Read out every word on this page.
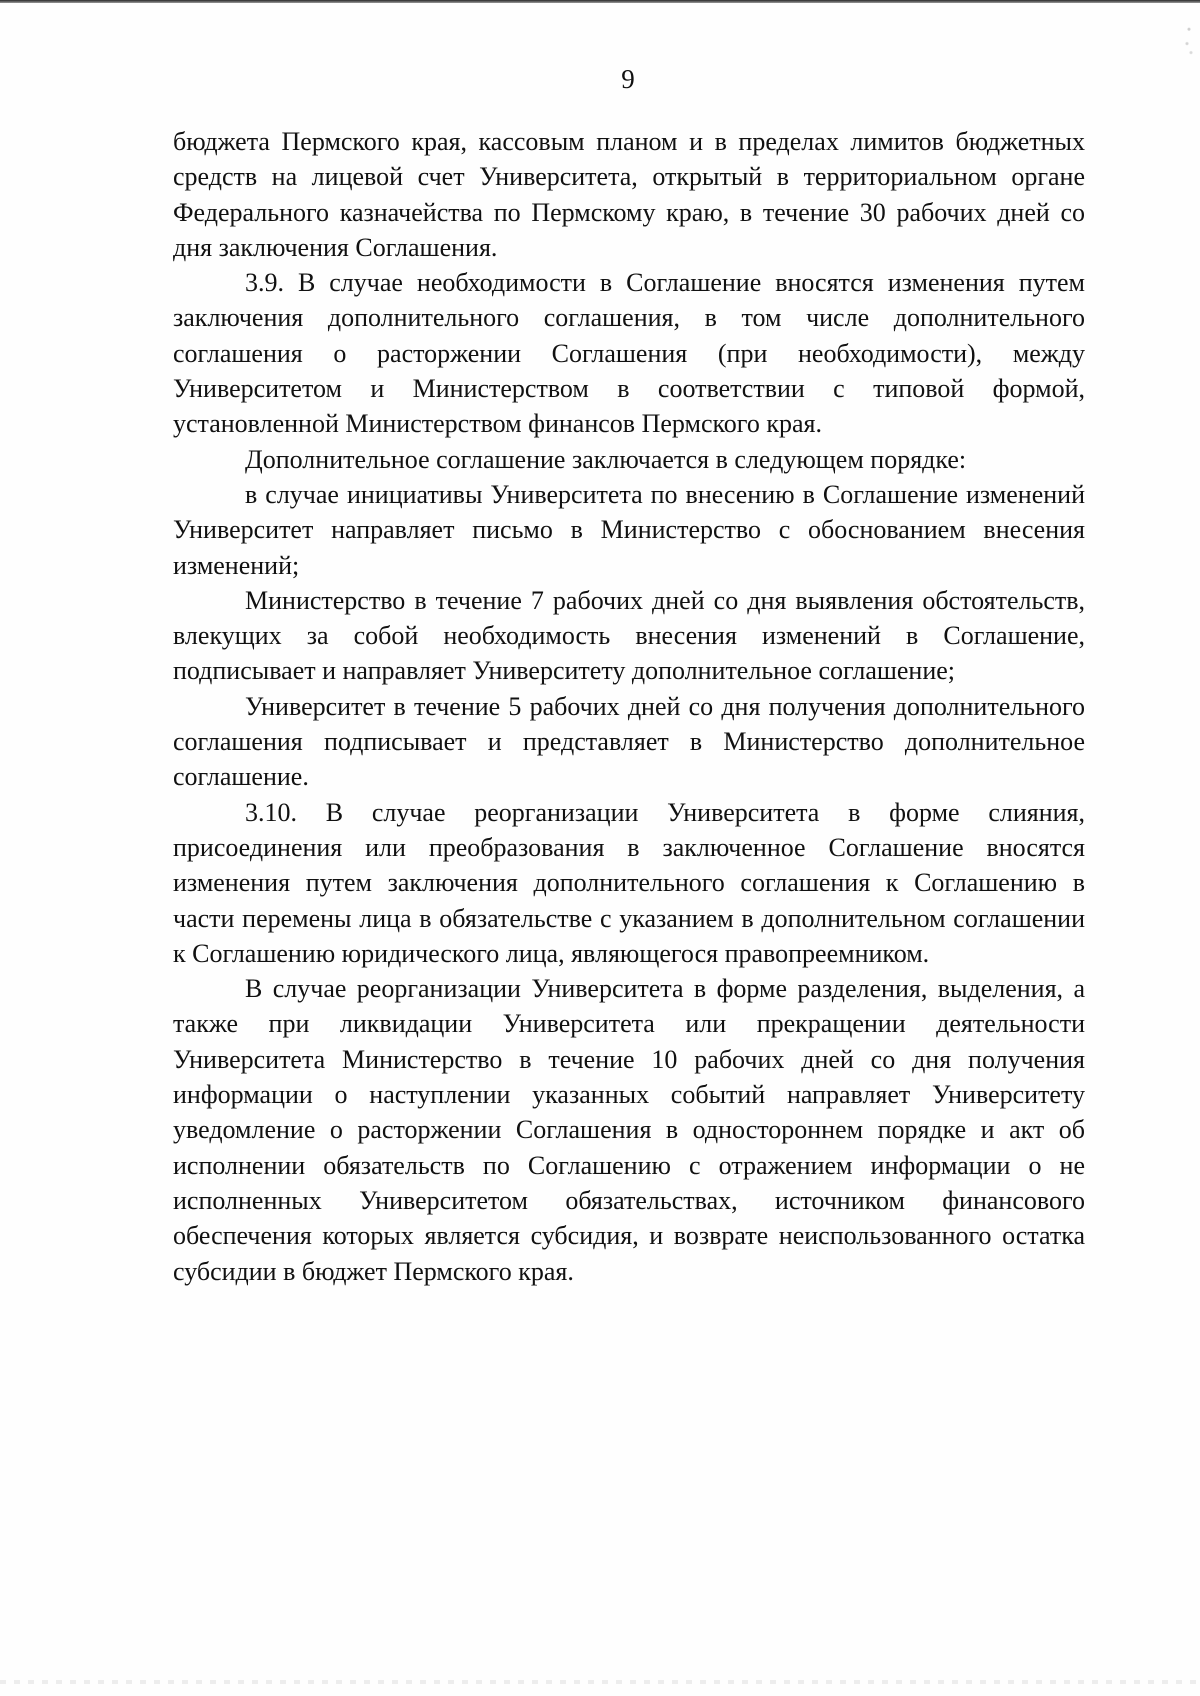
9

бюджета Пермского края, кассовым планом и в пределах лимитов бюджетных средств на лицевой счет Университета, открытый в территориальном органе Федерального казначейства по Пермскому краю, в течение 30 рабочих дней со дня заключения Соглашения.

3.9. В случае необходимости в Соглашение вносятся изменения путем заключения дополнительного соглашения, в том числе дополнительного соглашения о расторжении Соглашения (при необходимости), между Университетом и Министерством в соответствии с типовой формой, установленной Министерством финансов Пермского края.

Дополнительное соглашение заключается в следующем порядке:

в случае инициативы Университета по внесению в Соглашение изменений Университет направляет письмо в Министерство с обоснованием внесения изменений;

Министерство в течение 7 рабочих дней со дня выявления обстоятельств, влекущих за собой необходимость внесения изменений в Соглашение, подписывает и направляет Университету дополнительное соглашение;

Университет в течение 5 рабочих дней со дня получения дополнительного соглашения подписывает и представляет в Министерство дополнительное соглашение.

3.10. В случае реорганизации Университета в форме слияния, присоединения или преобразования в заключенное Соглашение вносятся изменения путем заключения дополнительного соглашения к Соглашению в части перемены лица в обязательстве с указанием в дополнительном соглашении к Соглашению юридического лица, являющегося правопреемником.

В случае реорганизации Университета в форме разделения, выделения, а также при ликвидации Университета или прекращении деятельности Университета Министерство в течение 10 рабочих дней со дня получения информации о наступлении указанных событий направляет Университету уведомление о расторжении Соглашения в одностороннем порядке и акт об исполнении обязательств по Соглашению с отражением информации о не исполненных Университетом обязательствах, источником финансового обеспечения которых является субсидия, и возврате неиспользованного остатка субсидии в бюджет Пермского края.
